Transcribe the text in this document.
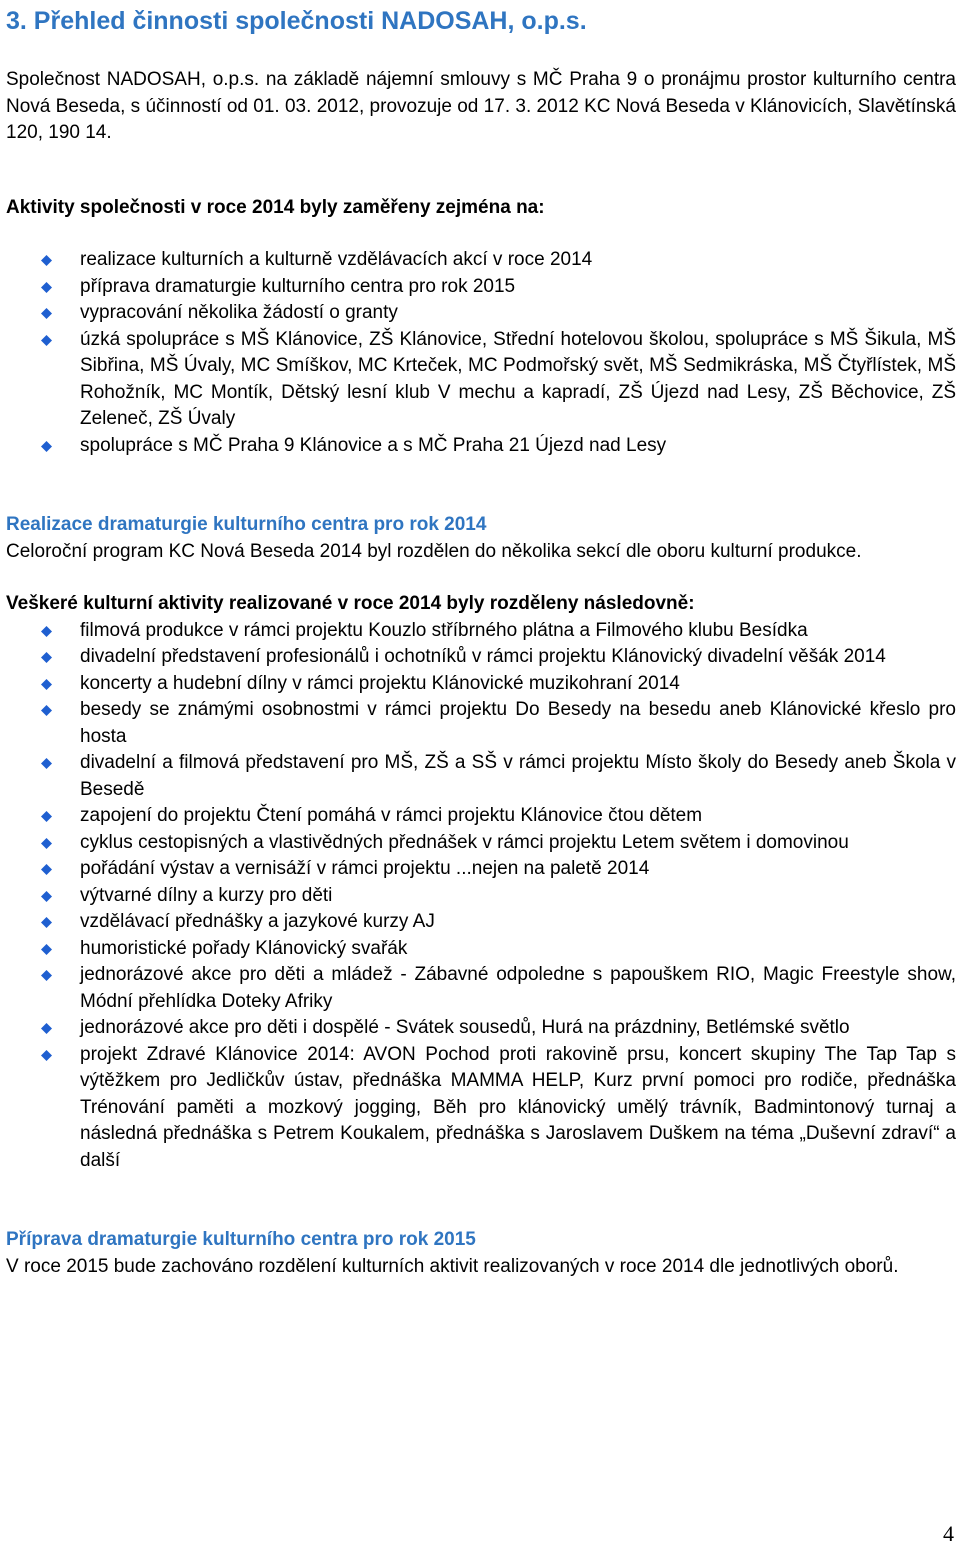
3. Přehled činnosti společnosti NADOSAH, o.p.s.

Společnost NADOSAH, o.p.s. na základě nájemní smlouvy s MČ Praha 9 o pronájmu prostor kulturního centra Nová Beseda, s účinností od 01. 03. 2012, provozuje od 17. 3. 2012 KC Nová Beseda v Klánovicích, Slavětínská 120, 190 14.

Aktivity společnosti v roce 2014 byly zaměřeny zejména na:

realizace kulturních a kulturně vzdělávacích akcí v roce 2014
příprava dramaturgie kulturního centra pro rok 2015
vypracování několika žádostí o granty
úzká spolupráce s MŠ Klánovice, ZŠ Klánovice, Střední hotelovou školou, spolupráce s MŠ Šikula, MŠ Sibřina, MŠ Úvaly, MC Smíškov, MC Krteček, MC Podmořský svět, MŠ Sedmikráska, MŠ Čtyřlístek, MŠ Rohožník, MC Montík, Dětský lesní klub V mechu a kapradí, ZŠ Újezd nad Lesy, ZŠ Běchovice, ZŠ Zeleneč, ZŠ Úvaly
spolupráce s MČ Praha 9 Klánovice a s MČ Praha 21 Újezd nad Lesy
Realizace dramaturgie kulturního centra pro rok 2014

Celoroční program KC Nová Beseda 2014 byl rozdělen do několika sekcí dle oboru kulturní produkce.

Veškeré kulturní aktivity realizované v roce 2014 byly rozděleny následovně:

filmová produkce v rámci projektu Kouzlo stříbrného plátna a Filmového klubu Besídka
divadelní představení profesionálů i ochotníků v rámci projektu Klánovický divadelní věšák 2014
koncerty a hudební dílny v rámci projektu Klánovické muzikohraní 2014
besedy se známými osobnostmi v rámci projektu Do Besedy na besedu aneb Klánovické křeslo pro hosta
divadelní a filmová představení pro MŠ, ZŠ a SŠ v rámci projektu Místo školy do Besedy aneb Škola v Besedě
zapojení do projektu Čtení pomáhá v rámci projektu Klánovice čtou dětem
cyklus cestopisných a vlastivědných přednášek v rámci projektu Letem světem i domovinou
pořádání výstav a vernisáží v rámci projektu ...nejen na paletě 2014
výtvarné dílny a kurzy pro děti
vzdělávací přednášky a jazykové kurzy AJ
humoristické pořady Klánovický svařák
jednorázové akce pro děti a mládež - Zábavné odpoledne s papouškem RIO, Magic Freestyle show, Módní přehlídka Doteky Afriky
jednorázové akce pro děti i dospělé - Svátek sousedů, Hurá na prázdniny, Betlémské světlo
projekt Zdravé Klánovice 2014: AVON Pochod proti rakovině prsu, koncert skupiny The Tap Tap s výtěžkem pro Jedličkův ústav, přednáška MAMMA HELP, Kurz první pomoci pro rodiče, přednáška Trénování paměti a mozkový jogging, Běh pro klánovický umělý trávník, Badmintonový turnaj a následná přednáška s Petrem Koukalem, přednáška s Jaroslavem Duškem na téma „Duševní zdraví“ a další
Příprava dramaturgie kulturního centra pro rok 2015

V roce 2015 bude zachováno rozdělení kulturních aktivit realizovaných v roce 2014 dle jednotlivých oborů.

4
